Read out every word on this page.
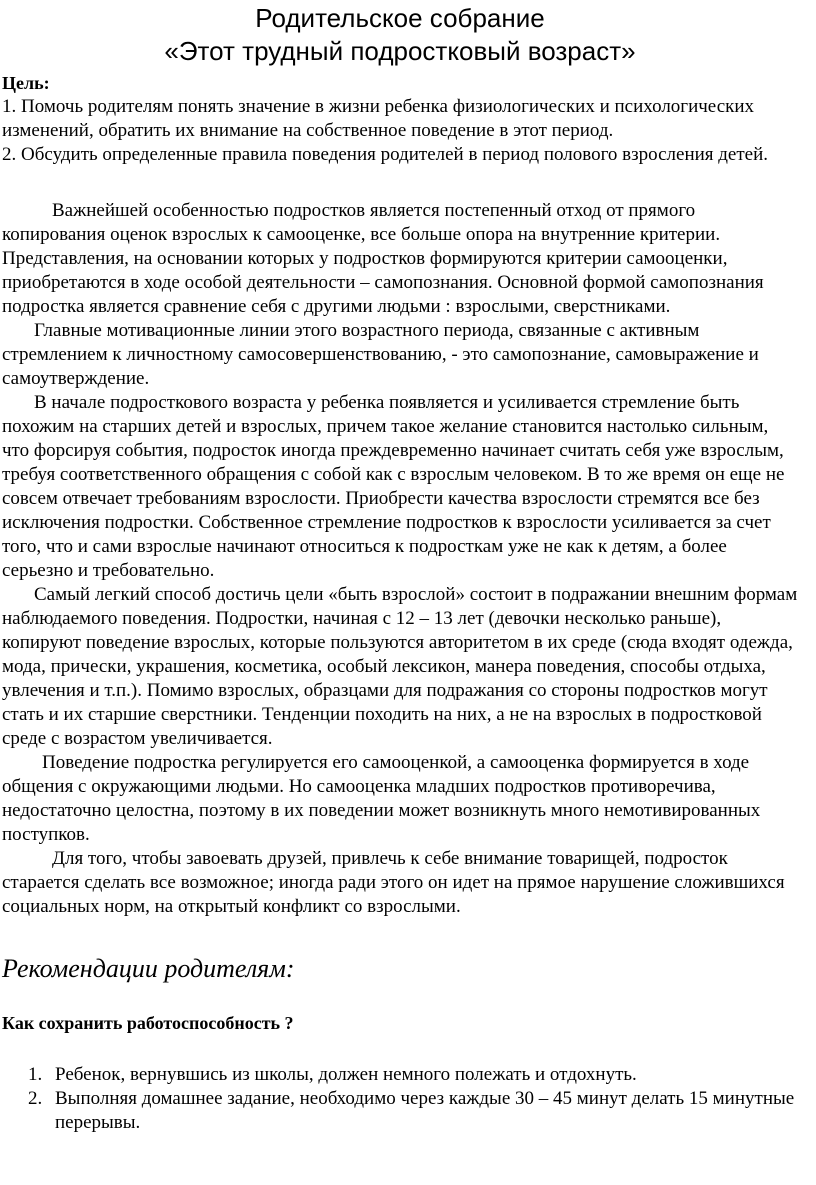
Родительское собрание
«Этот трудный подростковый возраст»
Цель:

1. Помочь родителям понять значение в жизни ребенка физиологических и психологических изменений, обратить их внимание на собственное поведение в этот период.

2. Обсудить определенные правила поведения родителей в период полового взросления детей.

Важнейшей особенностью подростков является постепенный отход от прямого копирования оценок взрослых к самооценке, все больше опора на внутренние критерии. Представления, на основании которых у подростков формируются критерии самооценки, приобретаются в ходе особой деятельности – самопознания. Основной формой самопознания подростка является сравнение себя с другими людьми : взрослыми, сверстниками.

Главные мотивационные линии этого возрастного периода, связанные с активным стремлением к личностному самосовершенствованию, - это самопознание, самовыражение и самоутверждение.

В начале подросткового возраста у ребенка появляется и усиливается стремление быть похожим на старших детей и взрослых, причем такое желание становится настолько сильным, что форсируя события, подросток иногда преждевременно начинает считать себя уже взрослым, требуя соответственного обращения с собой как с взрослым человеком. В то же время он еще не совсем отвечает требованиям взрослости. Приобрести качества взрослости стремятся все без исключения подростки. Собственное стремление подростков к взрослости усиливается за счет того, что и сами взрослые начинают относиться к подросткам уже не как к детям, а более серьезно и требовательно.

Самый легкий способ достичь цели «быть взрослой» состоит в подражании внешним формам наблюдаемого поведения. Подростки, начиная с 12 – 13 лет (девочки несколько раньше), копируют поведение взрослых, которые пользуются авторитетом в их среде (сюда входят одежда, мода, прически, украшения, косметика, особый лексикон, манера поведения, способы отдыха, увлечения и т.п.). Помимо взрослых, образцами для подражания со стороны подростков могут стать и их старшие сверстники. Тенденции походить на них, а не на взрослых в подростковой среде с возрастом увеличивается.

Поведение подростка регулируется его самооценкой, а самооценка формируется в ходе общения с окружающими людьми. Но самооценка младших подростков противоречива, недостаточно целостна, поэтому в их поведении может возникнуть много немотивированных поступков.

Для того, чтобы завоевать друзей, привлечь к себе внимание товарищей, подросток старается сделать все возможное; иногда ради этого он идет на прямое нарушение сложившихся социальных норм, на открытый конфликт со взрослыми.

Рекомендации родителям:
Как сохранить работоспособность ?
1. Ребенок, вернувшись из школы, должен немного полежать и отдохнуть.
2. Выполняя домашнее задание, необходимо через каждые 30 – 45 минут делать 15 минутные перерывы.
